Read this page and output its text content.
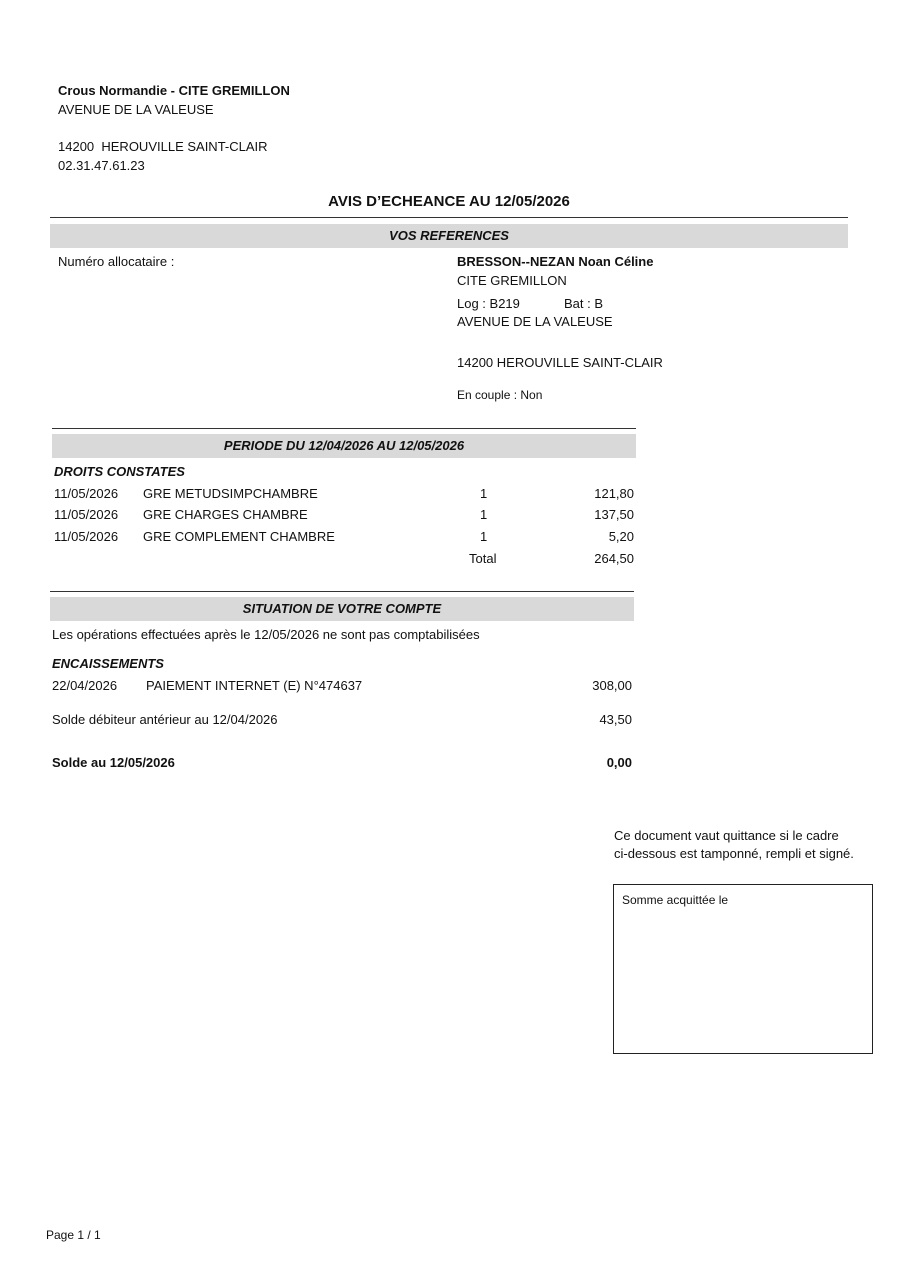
Crous Normandie - CITE GREMILLON
AVENUE DE LA VALEUSE
14200  HEROUVILLE SAINT-CLAIR
02.31.47.61.23
AVIS D’ECHEANCE AU 12/05/2026
VOS REFERENCES
Numéro allocataire :	BRESSON--NEZAN Noan Céline
CITE GREMILLON
Log : B219	Bat : B
AVENUE DE LA VALEUSE
14200 HEROUVILLE SAINT-CLAIR
En couple : Non
PERIODE DU 12/04/2026 AU 12/05/2026
DROITS CONSTATES
11/05/2026 GRE METUDSIMPCHAMBRE	1	121,80
11/05/2026 GRE CHARGES CHAMBRE	1	137,50
11/05/2026 GRE COMPLEMENT CHAMBRE	1	5,20
Total	264,50
SITUATION DE VOTRE COMPTE
Les opérations effectuées après le 12/05/2026 ne sont pas comptabilisées
ENCAISSEMENTS
22/04/2026 PAIEMENT INTERNET (E) N°474637	308,00
Solde débiteur antérieur au 12/04/2026	43,50
Solde au 12/05/2026	0,00
Ce document vaut quittance si le cadre
ci-dessous est tamponné, rempli et signé.
Somme acquittée le
Page 1 / 1
